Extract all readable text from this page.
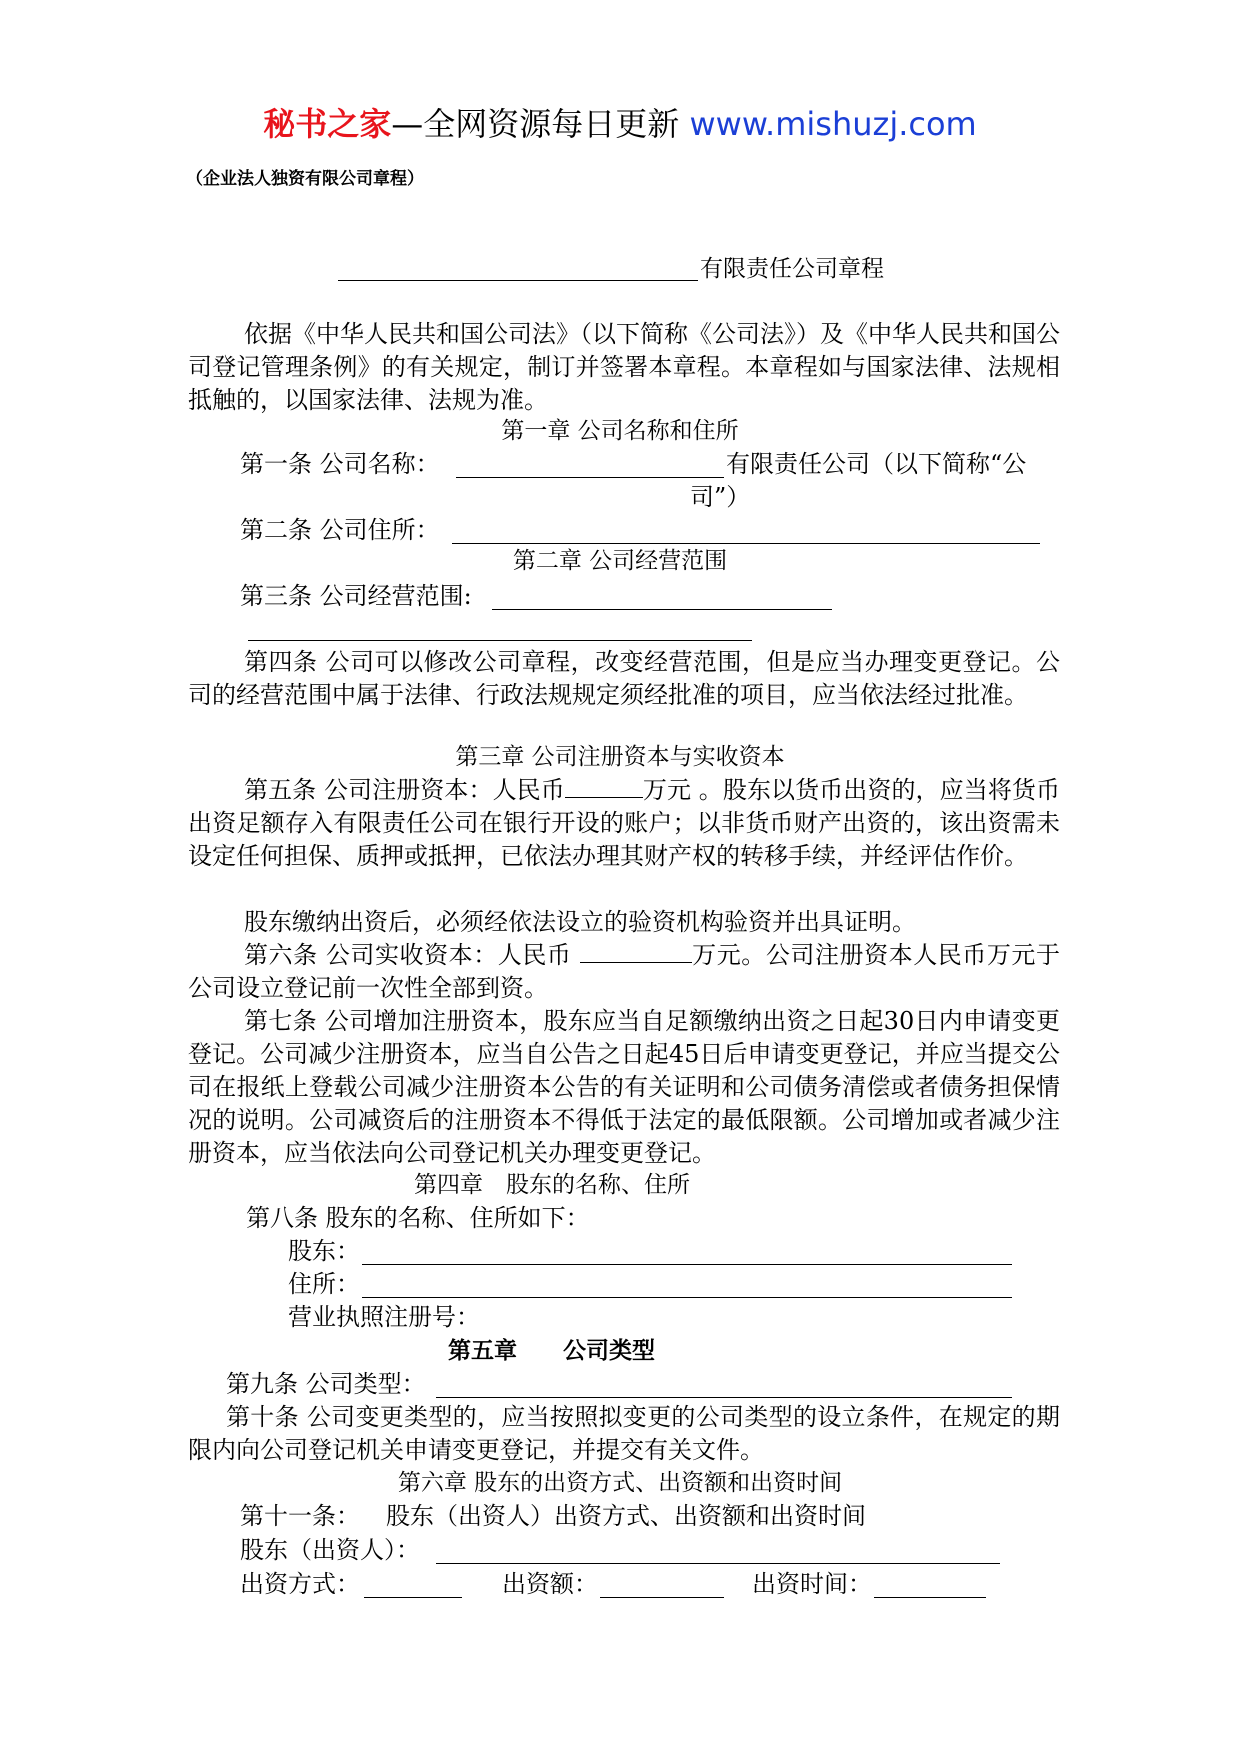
秘书之家—全网资源每日更新 www.mishuzj.com
（企业法人独资有限公司章程）
有限责任公司章程
依据《中华人民共和国公司法》（以下简称《公司法》）及《中华人民共和国公司登记管理条例》的有关规定，制订并签署本章程。本章程如与国家法律、法规相抵触的，以国家法律、法规为准。
第一章 公司名称和住所
第一条 公司名称：	有限责任公司（以下简称“公
司”）
第二条 公司住所：
第二章 公司经营范围
第三条 公司经营范围:
第四条 公司可以修改公司章程，改变经营范围，但是应当办理变更登记。公司的经营范围中属于法律、行政法规规定须经批准的项目，应当依法经过批准。
第三章 公司注册资本与实收资本
第五条 公司注册资本：人民币	万元 。股东以货币出资的，应当将货币出资足额存入有限责任公司在银行开设的账户；以非货币财产出资的，该出资需未设定任何担保、质押或抵押，已依法办理其财产权的转移手续，并经评估作价。
股东缴纳出资后，必须经依法设立的验资机构验资并出具证明。
第六条 公司实收资本：人民币	万元。公司注册资本人民币万元于公司设立登记前一次性全部到资。
第七条 公司增加注册资本，股东应当自足额缴纳出资之日起30日内申请变更登记。公司减少注册资本，应当自公告之日起45日后申请变更登记，并应当提交公司在报纸上登载公司减少注册资本公告的有关证明和公司债务清偿或者债务担保情况的说明。公司减资后的注册资本不得低于法定的最低限额。公司增加或者减少注册资本，应当依法向公司登记机关办理变更登记。
第四章　股东的名称、住所
第八条 股东的名称、住所如下：
股东：
住所：
营业执照注册号：
第五章　　公司类型
第九条 公司类型：
第十条 公司变更类型的，应当按照拟变更的公司类型的设立条件，在规定的期限内向公司登记机关申请变更登记，并提交有关文件。
第六章 股东的出资方式、出资额和出资时间
第十一条： 股东（出资人）出资方式、出资额和出资时间
股东（出资人）：
出资方式：	出资额：	出资时间：
